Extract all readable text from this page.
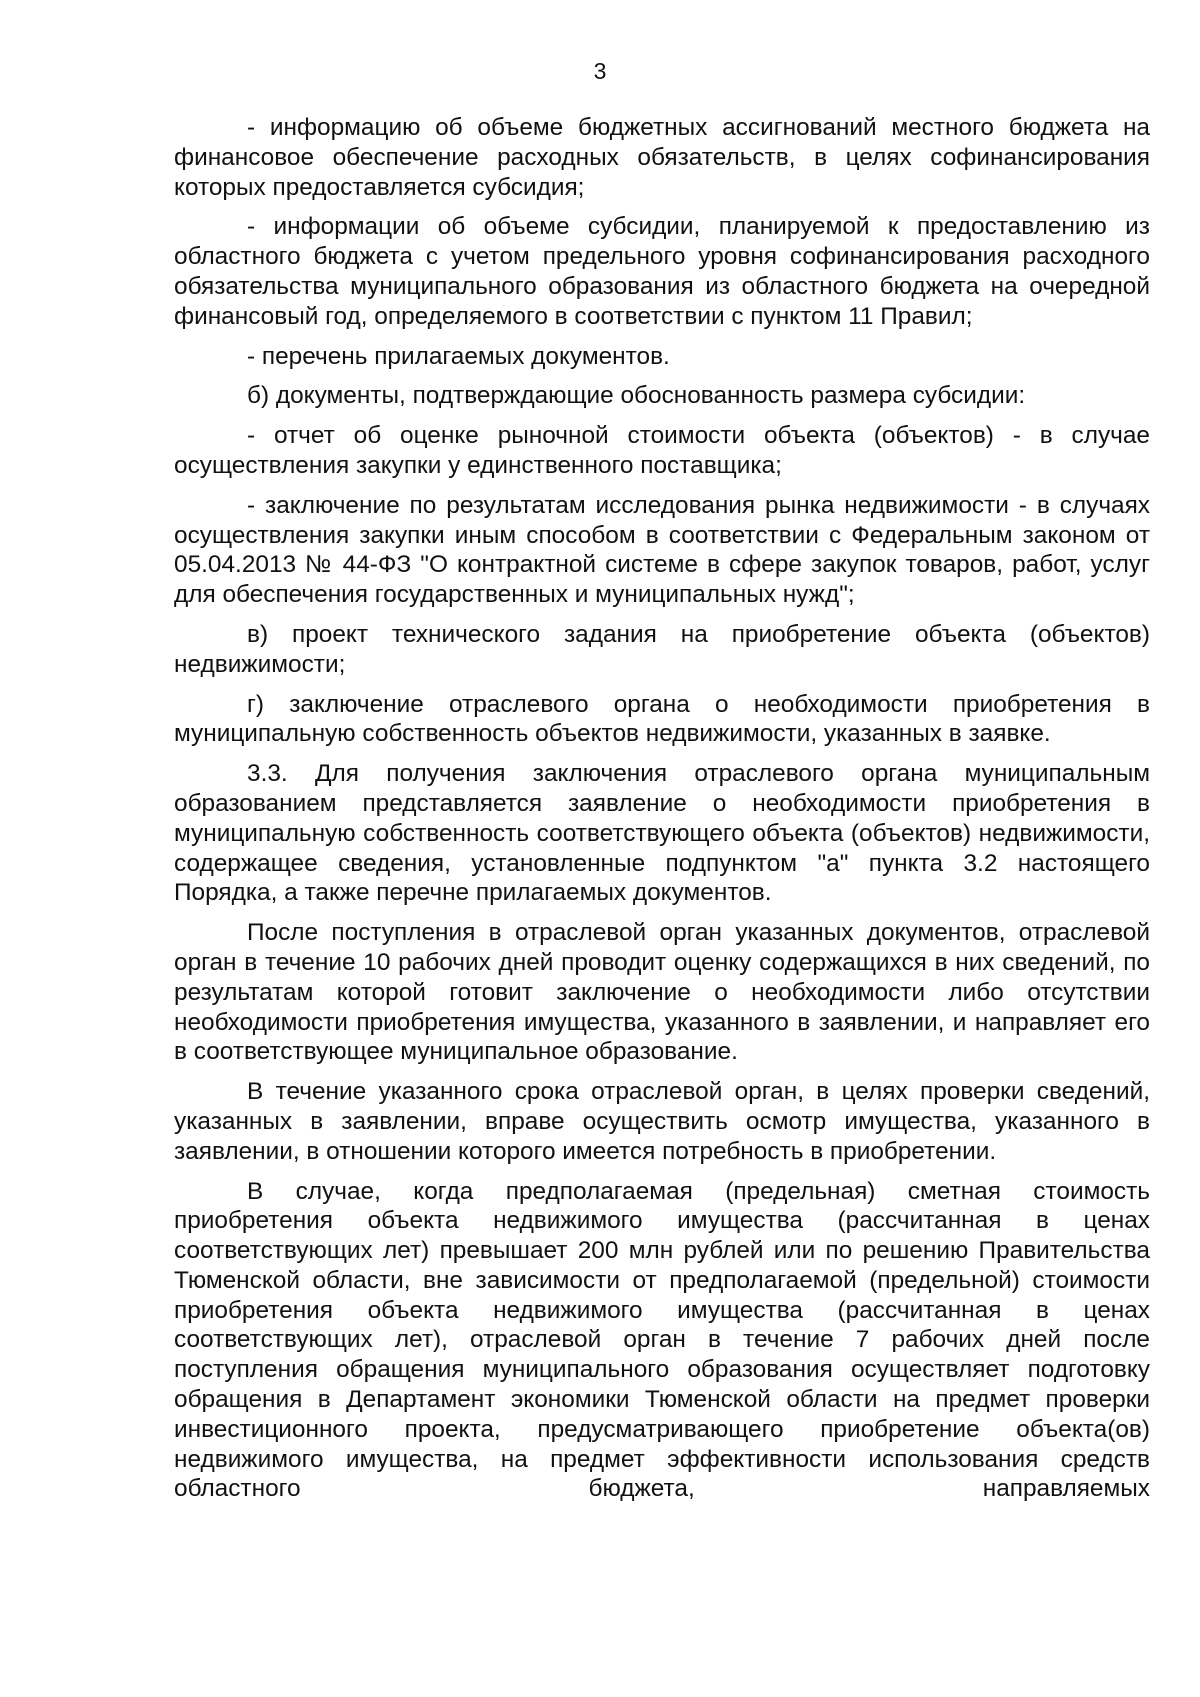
3

- информацию об объеме бюджетных ассигнований местного бюджета на финансовое обеспечение расходных обязательств, в целях софинансирования которых предоставляется субсидия;

- информации об объеме субсидии, планируемой к предоставлению из областного бюджета с учетом предельного уровня софинансирования расходного обязательства муниципального образования из областного бюджета на очередной финансовый год, определяемого в соответствии с пунктом 11 Правил;

- перечень прилагаемых документов.

б) документы, подтверждающие обоснованность размера субсидии:

- отчет об оценке рыночной стоимости объекта (объектов) - в случае осуществления закупки у единственного поставщика;

- заключение по результатам исследования рынка недвижимости - в случаях осуществления закупки иным способом в соответствии с Федеральным законом от 05.04.2013 № 44-ФЗ "О контрактной системе в сфере закупок товаров, работ, услуг для обеспечения государственных и муниципальных нужд";

в) проект технического задания на приобретение объекта (объектов) недвижимости;

г) заключение отраслевого органа о необходимости приобретения в муниципальную собственность объектов недвижимости, указанных в заявке.

3.3. Для получения заключения отраслевого органа муниципальным образованием представляется заявление о необходимости приобретения в муниципальную собственность соответствующего объекта (объектов) недвижимости, содержащее сведения, установленные подпунктом "а" пункта 3.2 настоящего Порядка, а также перечне прилагаемых документов.

После поступления в отраслевой орган указанных документов, отраслевой орган в течение 10 рабочих дней проводит оценку содержащихся в них сведений, по результатам которой готовит заключение о необходимости либо отсутствии необходимости приобретения имущества, указанного в заявлении, и направляет его в соответствующее муниципальное образование.

В течение указанного срока отраслевой орган, в целях проверки сведений, указанных в заявлении, вправе осуществить осмотр имущества, указанного в заявлении, в отношении которого имеется потребность в приобретении.

В случае, когда предполагаемая (предельная) сметная стоимость приобретения объекта недвижимого имущества (рассчитанная в ценах соответствующих лет) превышает 200 млн рублей или по решению Правительства Тюменской области, вне зависимости от предполагаемой (предельной) стоимости приобретения объекта недвижимого имущества (рассчитанная в ценах соответствующих лет), отраслевой орган в течение 7 рабочих дней после поступления обращения муниципального образования осуществляет подготовку обращения в Департамент экономики Тюменской области на предмет проверки инвестиционного проекта, предусматривающего приобретение объекта(ов) недвижимого имущества, на предмет эффективности использования средств областного бюджета, направляемых
